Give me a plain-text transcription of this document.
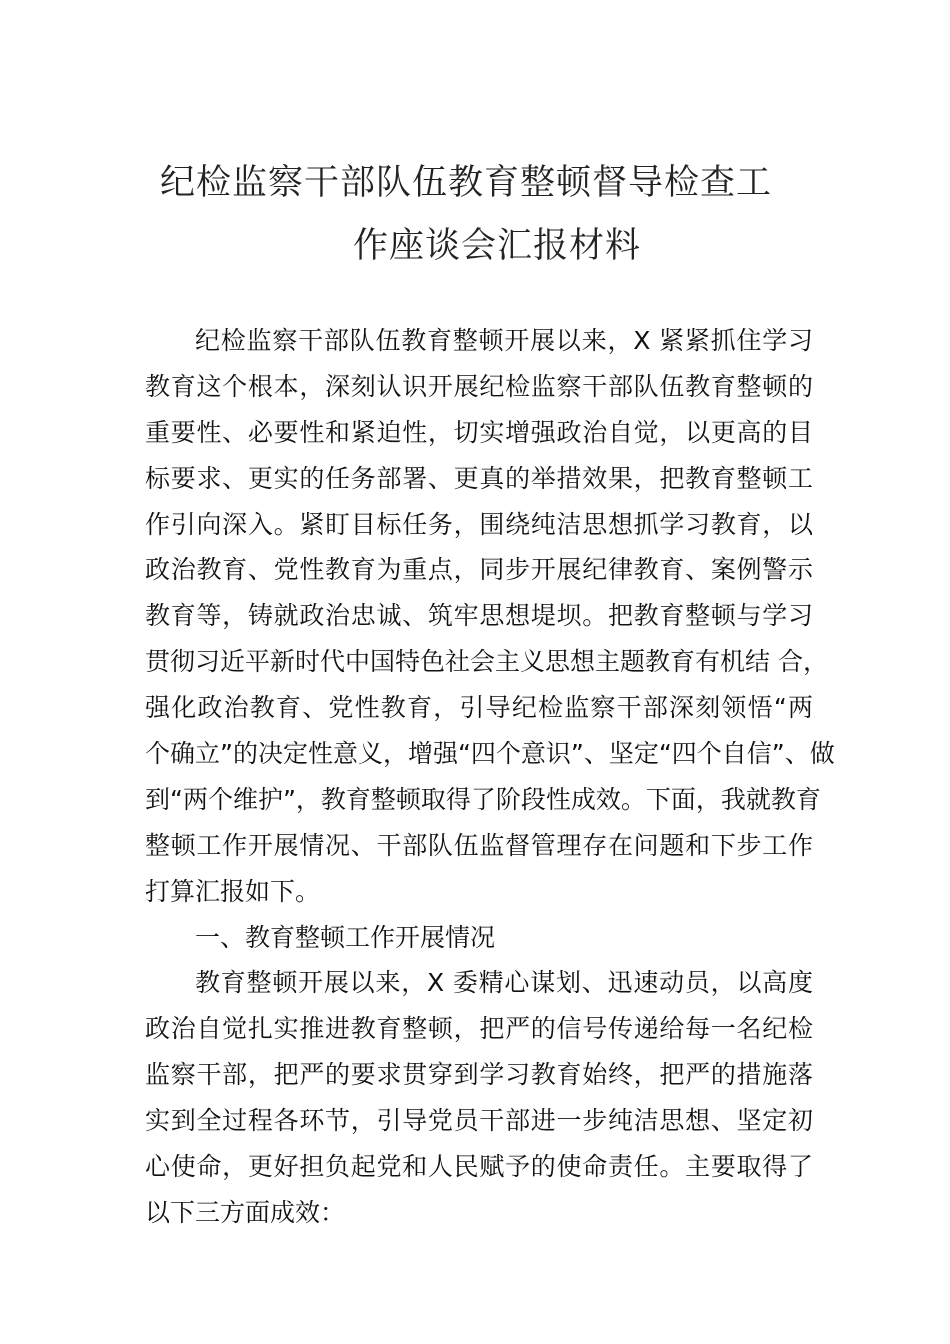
纪检监察干部队伍教育整顿督导检查工
作座谈会汇报材料
纪检监察干部队伍教育整顿开展以来，X 紧紧抓住学习
教育这个根本，深刻认识开展纪检监察干部队伍教育整顿的
重要性、必要性和紧迫性，切实增强政治自觉，以更高的目
标要求、更实的任务部署、更真的举措效果，把教育整顿工
作引向深入。紧盯目标任务，围绕纯洁思想抓学习教育，以
政治教育、党性教育为重点，同步开展纪律教育、案例警示
教育等，铸就政治忠诚、筑牢思想堤坝。把教育整顿与学习
贯彻习近平新时代中国特色社会主义思想主题教育有机结 合，
强化政治教育、党性教育，引导纪检监察干部深刻领悟“两
个确立”的决定性意义，增强“四个意识”、坚定“四个自信”、做
到“两个维护”，教育整顿取得了阶段性成效。下面，我就教育
整顿工作开展情况、干部队伍监督管理存在问题和下步工作
打算汇报如下。
一、教育整顿工作开展情况
教育整顿开展以来，X 委精心谋划、迅速动员，以高度
政治自觉扎实推进教育整顿，把严的信号传递给每一名纪检
监察干部，把严的要求贯穿到学习教育始终，把严的措施落
实到全过程各环节，引导党员干部进一步纯洁思想、坚定初
心使命，更好担负起党和人民赋予的使命责任。主要取得了
以下三方面成效：
